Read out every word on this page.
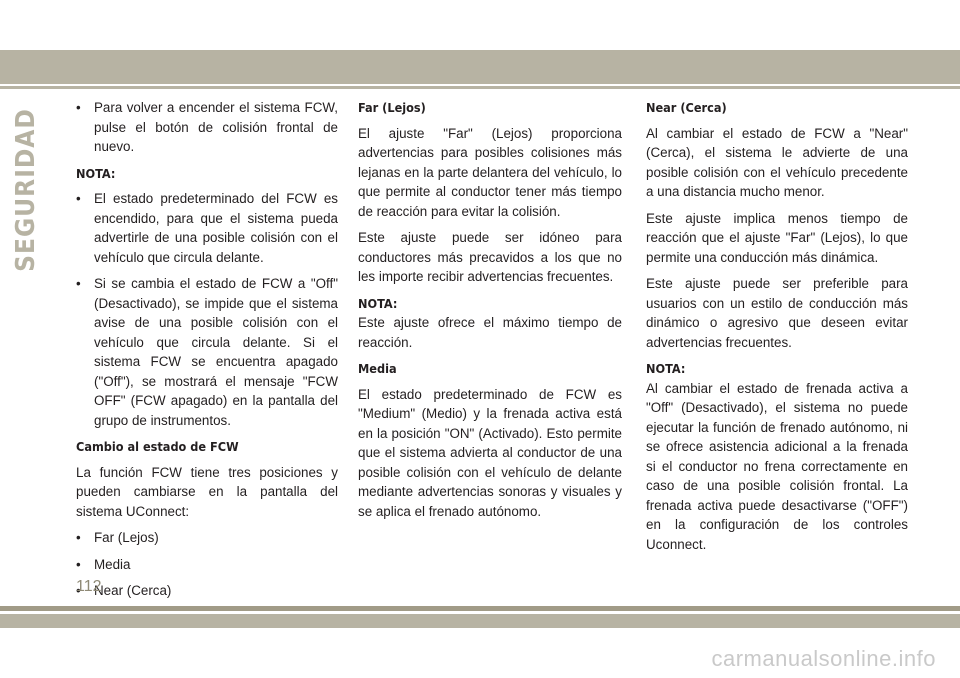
SEGURIDAD
• Para volver a encender el sistema FCW, pulse el botón de colisión frontal de nuevo.

NOTA:

• El estado predeterminado del FCW es encendido, para que el sistema pueda advertirle de una posible colisión con el vehículo que circula delante.
• Si se cambia el estado de FCW a "Off" (Desactivado), se impide que el sistema avise de una posible colisión con el vehículo que circula delante. Si el sistema FCW se encuentra apagado ("Off"), se mostrará el mensaje "FCW OFF" (FCW apagado) en la pantalla del grupo de instrumentos.

Cambio al estado de FCW

La función FCW tiene tres posiciones y pueden cambiarse en la pantalla del sistema UConnect:

• Far (Lejos)
• Media
• Near (Cerca)

Far (Lejos)

El ajuste "Far" (Lejos) proporciona advertencias para posibles colisiones más lejanas en la parte delantera del vehículo, lo que permite al conductor tener más tiempo de reacción para evitar la colisión.

Este ajuste puede ser idóneo para conductores más precavidos a los que no les importe recibir advertencias frecuentes.

NOTA:
Este ajuste ofrece el máximo tiempo de reacción.

Media

El estado predeterminado de FCW es "Medium" (Medio) y la frenada activa está en la posición "ON" (Activado). Esto permite que el sistema advierta al conductor de una posible colisión con el vehículo de delante mediante advertencias sonoras y visuales y se aplica el frenado autónomo.

Near (Cerca)

Al cambiar el estado de FCW a "Near" (Cerca), el sistema le advierte de una posible colisión con el vehículo precedente a una distancia mucho menor.

Este ajuste implica menos tiempo de reacción que el ajuste "Far" (Lejos), lo que permite una conducción más dinámica.

Este ajuste puede ser preferible para usuarios con un estilo de conducción más dinámico o agresivo que deseen evitar advertencias frecuentes.

NOTA:
Al cambiar el estado de frenada activa a "Off" (Desactivado), el sistema no puede ejecutar la función de frenado autónomo, ni se ofrece asistencia adicional a la frenada si el conductor no frena correctamente en caso de una posible colisión frontal. La frenada activa puede desactivarse ("OFF") en la configuración de los controles Uconnect.

112
carmanualsonline.info
